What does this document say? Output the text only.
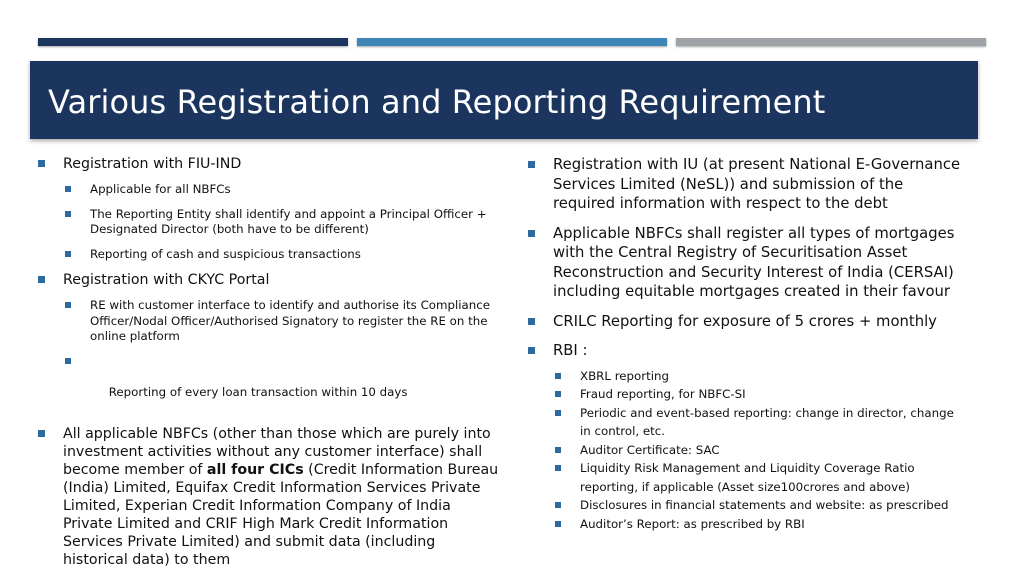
Various Registration and Reporting Requirement
Registration with FIU-IND
Applicable for all NBFCs
The Reporting Entity shall identify and appoint a Principal Officer + Designated Director (both have to be different)
Reporting of cash and suspicious transactions
Registration with CKYC Portal
RE with customer interface to identify and authorise its Compliance Officer/Nodal Officer/Authorised Signatory to register the RE on the online platform

Reporting of every loan transaction within 10 days

All applicable NBFCs (other than those which are purely into investment activities without any customer interface) shall become member of all four CICs (Credit Information Bureau (India) Limited, Equifax Credit Information Services Private Limited, Experian Credit Information Company of India Private Limited and CRIF High Mark Credit Information Services Private Limited) and submit data (including historical data) to them
Registration with IU (at present National E-Governance Services Limited (NeSL)) and submission of the required information with respect to the debt
Applicable NBFCs shall register all types of mortgages with the Central Registry of Securitisation Asset Reconstruction and Security Interest of India (CERSAI) including equitable mortgages created in their favour
CRILC Reporting for exposure of 5 crores + monthly
RBI :
XBRL reporting
Fraud reporting, for NBFC-SI
Periodic and event-based reporting: change in director, change in control, etc.
Auditor Certificate: SAC
Liquidity Risk Management and Liquidity Coverage Ratio reporting, if applicable (Asset size100crores and above)
Disclosures in financial statements and website: as prescribed
Auditor’s Report: as prescribed by RBI
